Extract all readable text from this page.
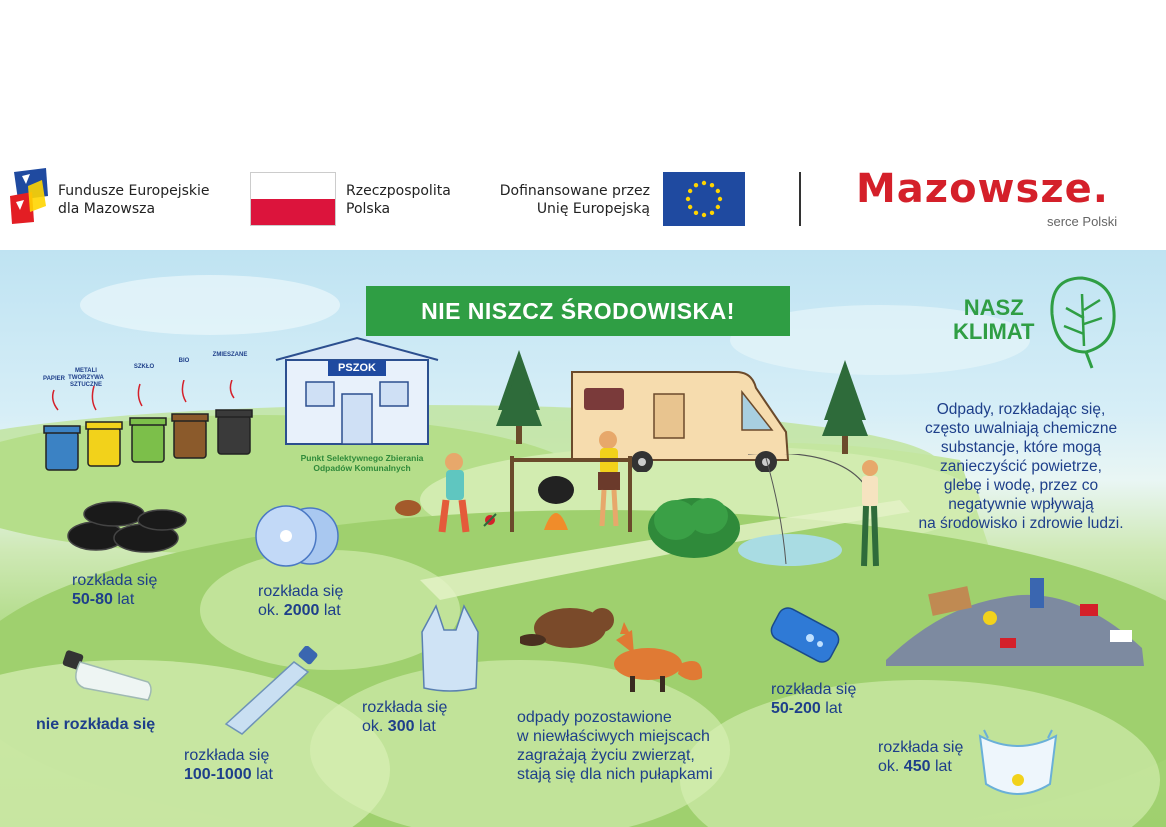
Fundusze Europejskie
dla Mazowsza
Rzeczpospolita
Polska
Dofinansowane przez
Unię Europejską	Mazowsze.
serce Polski
NIE NISZCZ ŚRODOWISKA!	NASZ
KLIMAT
PAPIER
METALI TWORZYWA SZTUCZNE
SZKŁO
BIO
ZMIESZANE
PSZOK
Punkt Selektywnego Zbierania
Odpadów Komunalnych
Odpady, rozkładając się,
często uwalniają chemiczne
substancje, które mogą
zanieczyścić powietrze,
glebę i wodę, przez co
negatywnie wpływają
na środowisko i zdrowie ludzi.
rozkłada się
50-80 lat	rozkłada się
ok. 2000 lat
nie rozkłada się
rozkłada się
100-1000 lat
rozkłada się
ok. 300 lat
odpady pozostawione
w niewłaściwych miejscach
zagrażają życiu zwierząt,
stają się dla nich pułapkami
rozkłada się
50-200 lat
rozkłada się
ok. 450 lat
